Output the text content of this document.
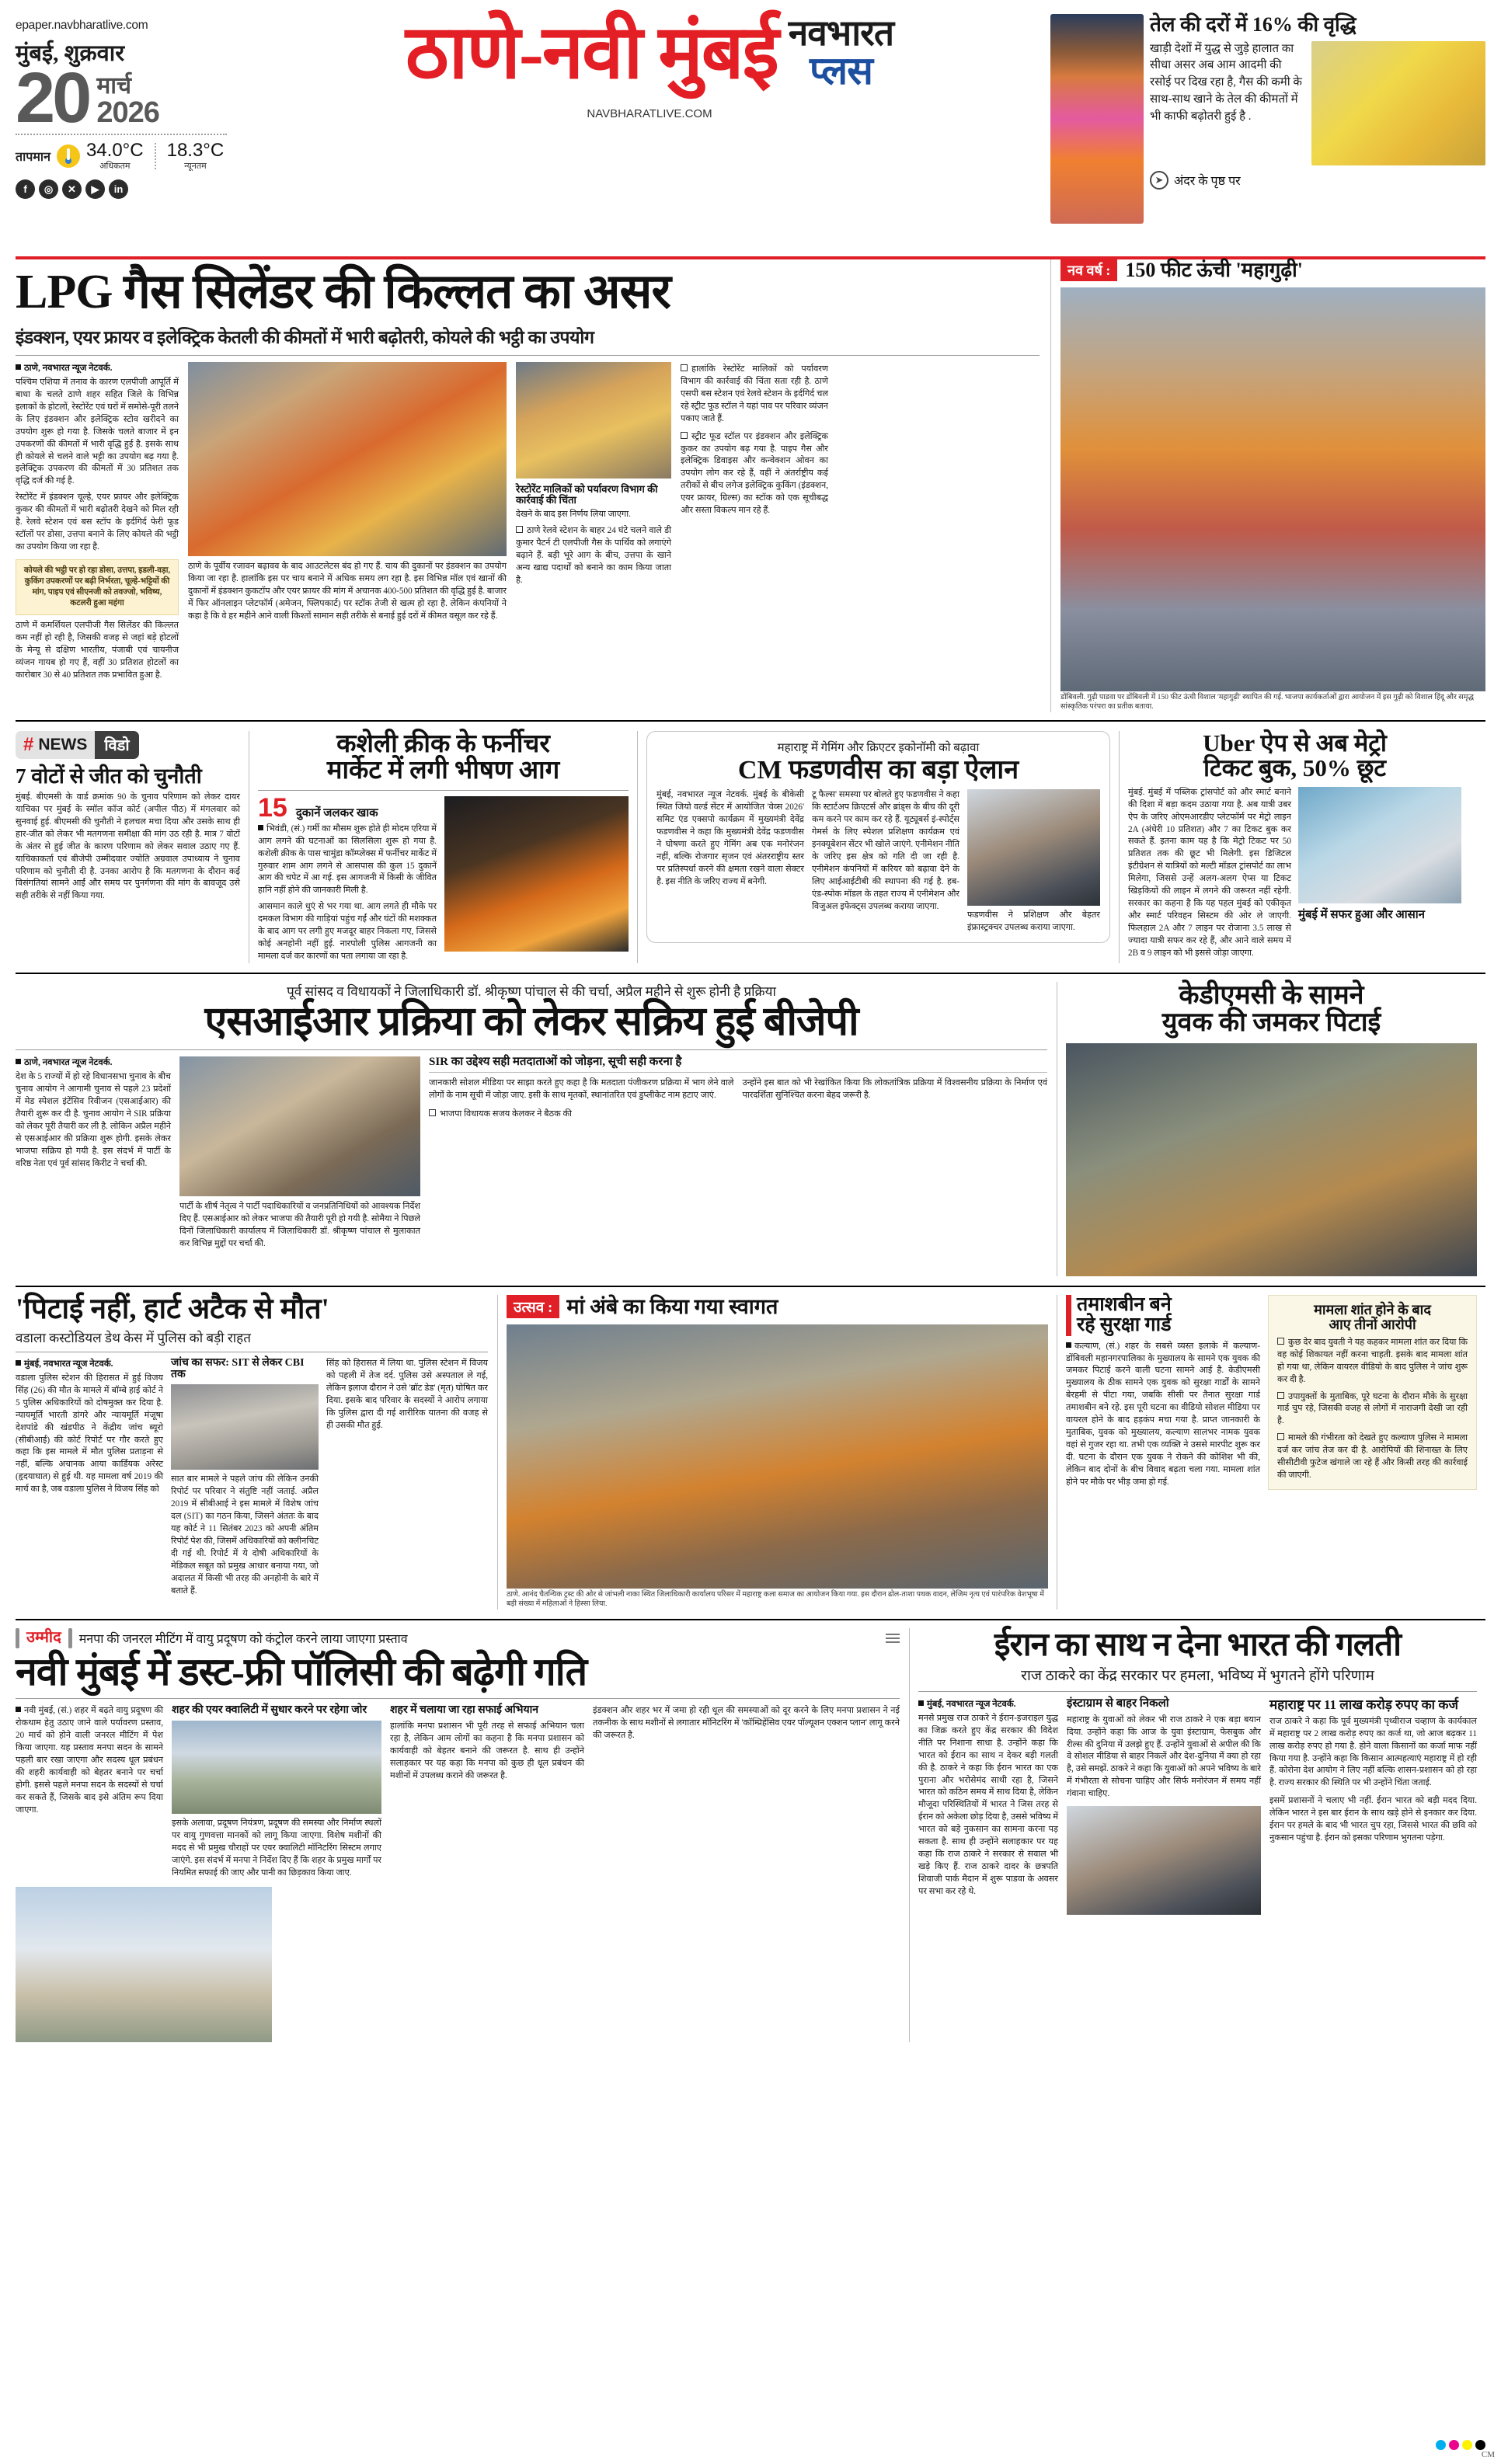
epaper.navbharatlive.com
मुंबई, शुक्रवार
20 मार्च
2026
तापमान 34.0°C
अधिकतम
18.3°C
न्यूनतम
f	◎	✕	▶	in
ठाणे-नवी मुंबई नवभारत
प्लस
NAVBHARATLIVE.COM
तेल की दरों में 16% की वृद्धि
खाड़ी देशों में युद्ध से जुड़े हालात का सीधा असर अब आम आदमी की रसोई पर दिख रहा है, गैस की कमी के साथ-साथ खाने के तेल की कीमतों में भी काफी बढ़ोतरी हुई है .
➤ अंदर के पृष्ठ पर
LPG गैस सिलेंडर की किल्लत का असर
इंडक्शन, एयर फ्रायर व इलेक्ट्रिक केतली की कीमतों में भारी बढ़ोतरी, कोयले की भट्ठी का उपयोग
ठाणे, नवभारत न्यूज नेटवर्क.
पश्चिम एशिया में तनाव के कारण एलपीजी आपूर्ति में बाधा के चलते ठाणे शहर सहित जिले के विभिन्न इलाकों के होटलों, रेस्टोरेंट एवं घरों में समोसे-पूरी तलने के लिए इंडक्शन और इलेक्ट्रिक स्टोव खरीदने का उपयोग शुरू हो गया है. जिसके चलते बाजार में इन उपकरणों की कीमतों में भारी वृद्धि हुई है. इसके साथ ही कोयले से चलने वाले भट्टी का उपयोग बढ़ गया है. इलेक्ट्रिक उपकरण की कीमतों में 30 प्रतिशत तक वृद्धि दर्ज की गई है.
रेस्टोरेंट में इंडक्शन चूल्हे, एयर फ्रायर और इलेक्ट्रिक कुकर की कीमतों में भारी बढ़ोतरी देखने को मिल रही है. रेलवे स्टेशन एवं बस स्टॉप के इर्दगिर्द फेरी फूड स्टॉलों पर डोसा, उत्तपा बनाने के लिए कोयले की भट्ठी का उपयोग किया जा रहा है.
कोयले की भट्ठी पर हो रहा डोसा, उत्तपा, इडली-वड़ा, कुकिंग उपकरणों पर बढ़ी निर्भरता, चूल्हे-भट्टियों की मांग, पाइप एवं सीएनजी को तवज्जो, भविष्य, कटलरी हुआ महंगा
ठाणे में कमर्शियल एलपीजी गैस सिलेंडर की किल्लत कम नहीं हो रही है, जिसकी वजह से जहां बड़े होटलों के मेन्यू से दक्षिण भारतीय, पंजाबी एवं चायनीज व्यंजन गायब हो गए हैं, वहीं 30 प्रतिशत होटलों का कारोबार 30 से 40 प्रतिशत तक प्रभावित हुआ है.
ठाणे के पूर्वीय रजावन बढ़ावव के बाद आउटलेटस बंद हो गए हैं. चाय की दुकानों पर इंडक्शन का उपयोग किया जा रहा है. हालांकि इस पर चाय बनाने में अधिक समय लग रहा है. इस विभिन्न मॉल एवं खानों की दुकानों में इंडक्शन कुकटॉप और एयर फ्रायर की मांग में अचानक 400-500 प्रतिशत की वृद्धि हुई है. बाजार में फिर ऑनलाइन प्लेटफॉर्म (अमेजन, फ्लिपकार्ट) पर स्टॉक तेजी से खत्म हो रहा है. लेकिन कंपनियों ने कहा है कि वे हर महीने आने वाली किश्तों सामान सही तरीके से बनाई हुई दरों में कीमत वसूल कर रहे हैं.
रेस्टोरेंट मालिकों को पर्यावरण विभाग की कार्रवाई की चिंता
देखने के बाद इस निर्णय लिया जाएगा.
ठाणे रेलवे स्टेशन के बाहर 24 घंटे चलने वाले डी कुमार पैटर्न टी एलपीजी गैस के पार्थिव को लगाएंगे बढ़ाने हैं. बड़ी भूरे आग के बीच, उत्तपा के खाने अन्य खाद्य पदार्थों को बनाने का काम किया जाता है.
हालांकि रेस्टोरेंट मालिकों को पर्यावरण विभाग की कार्रवाई की चिंता सता रही है. ठाणे एसपी बस स्टेशन एवं रेलवे स्टेशन के इर्दगिर्द चल रहे स्ट्रीट फूड स्टॉल ने यहां पाव पर परिवार व्यंजन पकाए जाते हैं.
स्ट्रीट फूड स्टॉल पर इंडक्शन और इलेक्ट्रिक कुकर का उपयोग बढ़ गया है. पाइप गैस और इलेक्ट्रिक डिवाइस और कन्वेक्शन ओवन का उपयोग लोग कर रहे हैं, वहीं ने अंतर्राष्ट्रीय कई तरीकों से बीच लगेज इलेक्ट्रिक कुकिंग (इंडक्शन, एयर फ्रायर, ग्रिल्स) का स्टॉक को एक सूचीबद्ध और सस्ता विकल्प मान रहे हैं.
नव वर्ष : 150 फीट ऊंची 'महागुढ़ी'
डोंबिवली. गुढ़ी पाडवा पर डोंबिवली में 150 फीट ऊंची विशाल 'महागुढ़ी' स्थापित की गई. भाजपा कार्यकर्ताओं द्वारा आयोजन में इस गुढ़ी को विशाल हिंदू और समृद्ध सांस्कृतिक परंपरा का प्रतीक बताया.
# NEWS	विडो
7 वोटों से जीत को चुनौती
मुंबई. बीएमसी के वार्ड क्रमांक 90 के चुनाव परिणाम को लेकर दायर याचिका पर मुंबई के स्मॉल कॉज कोर्ट (अपील पीठ) में मंगलवार को सुनवाई हुई. बीएमसी की चुनौती ने हलचल मचा दिया और उसके साथ ही हार-जीत को लेकर भी मतगणना समीक्षा की मांग उठ रही है. मात्र 7 वोटों के अंतर से हुई जीत के कारण परिणाम को लेकर सवाल उठाए गए हैं. याचिकाकर्ता एवं बीजेपी उम्मीदवार ज्योति अग्रवाल उपाध्याय ने चुनाव परिणाम को चुनौती दी है. उनका आरोप है कि मतगणना के दौरान कई विसंगतियां सामने आईं और समय पर पुनर्गणना की मांग के बावजूद उसे सही तरीके से नहीं किया गया.
कशेली क्रीक के फर्नीचर
मार्केट में लगी भीषण आग
15 दुकानें जलकर खाक
भिवंडी, (सं.) गर्मी का मौसम शुरू होते ही मोदम एरिया में आग लगने की घटनाओं का सिलसिला शुरू हो गया है. कशेली क्रीक के पास चामुंडा कॉम्प्लेक्स में फर्नीचर मार्केट में गुरुवार शाम आग लगने से आसपास की कुल 15 दुकानें आग की चपेट में आ गई. इस आगजनी में किसी के जीवित हानि नहीं होने की जानकारी मिली है.
आसमान काले धुएं से भर गया था. आग लगते ही मौके पर दमकल विभाग की गाड़ियां पहुंच गईं और घंटों की मशक्कत के बाद आग पर लगी हुए मजदूर बाहर निकला गए, जिससे कोई अनहोनी नहीं हुई. नारपोली पुलिस आगजनी का मामला दर्ज कर कारणों का पता लगाया जा रहा है.
महाराष्ट्र में गेमिंग और क्रिएटर इकोनॉमी को बढ़ावा
CM फडणवीस का बड़ा ऐलान
मुंबई, नवभारत न्यूज नेटवर्क. मुंबई के बीकेसी स्थित जियो वर्ल्ड सेंटर में आयोजित 'वेव्स 2026' समिट एंड एक्सपो कार्यक्रम में मुख्यमंत्री देवेंद्र फडणवीस ने कहा कि मुख्यमंत्री देवेंद्र फडणवीस ने घोषणा करते हुए गेमिंग अब एक मनोरंजन नहीं, बल्कि रोजगार सृजन एवं अंतरराष्ट्रीय स्तर पर प्रतिस्पर्धा करने की क्षमता रखने वाला सेक्टर है. इस नीति के जरिए राज्य में बनेगी.
टू फैल्स' समस्या पर बोलते हुए फडणवीस ने कहा कि स्टार्टअप क्रिएटर्स और ब्रांड्स के बीच की दूरी कम करने पर काम कर रहे हैं. यूट्यूबर्स इं-स्पोर्ट्स गेमर्स के लिए स्पेशल प्रशिक्षण कार्यक्रम एवं इनक्यूबेशन सेंटर भी खोले जाएंगे. एनीमेशन नीति के जरिए इस क्षेत्र को गति दी जा रही है. एनीमेशन कंपनियों में करियर को बढ़ावा देने के लिए आईआईटीबी की स्थापना की गई है. हब-एंड-स्पोक मॉडल के तहत राज्य में एनीमेशन और विजुअल इफेक्ट्स उपलब्ध कराया जाएगा.
फडणवीस ने प्रशिक्षण और बेहतर इंफ्रास्ट्रक्चर उपलब्ध कराया जाएगा.
Uber ऐप से अब मेट्रो
टिकट बुक, 50% छूट
मुंबई. मुंबई में पब्लिक ट्रांसपोर्ट को और स्मार्ट बनाने की दिशा में बड़ा कदम उठाया गया है. अब यात्री उबर ऐप के जरिए ओएमआरडीए प्लेटफॉर्म पर मेट्रो लाइन 2A (अंधेरी 10 प्रतिशत) और 7 का टिकट बुक कर सकते हैं. इतना काम यह है कि मेट्रो टिकट पर 50 प्रतिशत तक की छूट भी मिलेगी. इस डिजिटल इंटीग्रेशन से यात्रियों को मल्टी मॉडल ट्रांसपोर्ट का लाभ मिलेगा, जिससे उन्हें अलग-अलग ऐप्स या टिकट खिड़कियों की लाइन में लगने की जरूरत नहीं रहेगी. सरकार का कहना है कि यह पहल मुंबई को एकीकृत और स्मार्ट परिवहन सिस्टम की ओर ले जाएगी. फिलहाल 2A और 7 लाइन पर रोजाना 3.5 लाख से ज्यादा यात्री सफर कर रहे हैं, और आने वाले समय में 2B व 9 लाइन को भी इससे जोड़ा जाएगा.
मुंबई में सफर हुआ और आसान
पूर्व सांसद व विधायकों ने जिलाधिकारी डॉ. श्रीकृष्ण पांचाल से की चर्चा, अप्रैल महीने से शुरू होनी है प्रक्रिया
एसआईआर प्रक्रिया को लेकर सक्रिय हुई बीजेपी
ठाणे, नवभारत न्यूज नेटवर्क.
देश के 5 राज्यों में हो रहे विधानसभा चुनाव के बीच चुनाव आयोग ने आगामी चुनाव से पहले 23 प्रदेशों में मेड स्पेशल इंटेंसिव रिवीजन (एसआईआर) की तैयारी शुरू कर दी है. चुनाव आयोग ने SIR प्रक्रिया को लेकर पूरी तैयारी कर ली है. लोकिन अप्रैल महीने से एसआईआर की प्रक्रिया शुरू होगी. इसके लेकर भाजपा सक्रिय हो गयी है. इस संदर्भ में पार्टी के वरिष्ठ नेता एवं पूर्व सांसद किरीट ने चर्चा की.
पार्टी के शीर्ष नेतृत्व ने पार्टी पदाधिकारियों व जनप्रतिनिधियों को आवश्यक निर्देश दिए हैं. एसआईआर को लेकर भाजपा की तैयारी पूरी हो गयी है. सोमैया ने पिछले दिनों जिलाधिकारी कार्यालय में जिलाधिकारी डॉ. श्रीकृष्ण पांचाल से मुलाकात कर विभिन्न मुद्दों पर चर्चा की.
SIR का उद्देश्य सही मतदाताओं को जोड़ना, सूची सही करना है
जानकारी सोशल मीडिया पर साझा करते हुए कहा है कि मतदाता पंजीकरण प्रक्रिया में भाग लेने वाले लोगों के नाम सूची में जोड़ा जाए. इसी के साथ मृतकों, स्थानांतरित एवं डुप्लीकेट नाम हटाए जाएं.
उन्होंने इस बात को भी रेखांकित किया कि लोकतांत्रिक प्रक्रिया में विश्वसनीय प्रक्रिया के निर्माण एवं पारदर्शिता सुनिश्चित करना बेहद जरूरी है.
भाजपा विधायक सजय केलकर ने बैठक की
केडीएमसी के सामने
युवक की जमकर पिटाई
'पिटाई नहीं, हार्ट अटैक से मौत'
वडाला कस्टोडियल डेथ केस में पुलिस को बड़ी राहत
मुंबई, नवभारत न्यूज नेटवर्क.
वडाला पुलिस स्टेशन की हिरासत में हुई विजय सिंह (26) की मौत के मामले में बॉम्बे हाई कोर्ट ने 5 पुलिस अधिकारियों को दोषमुक्त कर दिया है. न्यायमूर्ति भारती डांगरे और न्यायमूर्ति मंजूषा देशपांडे की खंडपीठ ने केंद्रीय जांच ब्यूरो (सीबीआई) की कोर्ट रिपोर्ट पर गौर करते हुए कहा कि इस मामले में मौत पुलिस प्रताड़ना से नहीं, बल्कि अचानक आया कार्डियक अरेस्ट (हृदयाघात) से हुई थी. यह मामला वर्ष 2019 की मार्च का है, जब वडाला पुलिस ने विजय सिंह को
जांच का सफर: SIT से लेकर CBI तक
सात बार मामले ने पहले जांच की लेकिन उनकी रिपोर्ट पर परिवार ने संतुष्टि नहीं जताई. अप्रैल 2019 में सीबीआई ने इस मामले में विशेष जांच दल (SIT) का गठन किया, जिसने अंततः के बाद यह कोर्ट ने 11 सितंबर 2023 को अपनी अंतिम रिपोर्ट पेश की, जिसमें अधिकारियों को क्लीनचिट दी गई थी. रिपोर्ट में ये दोषी अधिकारियों के मेडिकल सबूत को प्रमुख आधार बनाया गया, जो अदालत में किसी भी तरह की अनहोनी के बारे में बताते हैं.
सिंह को हिरासत में लिया था. पुलिस स्टेशन में विजय को पहली में तेज दर्द. पुलिस उसे अस्पताल ले गई, लेकिन इलाज दौरान ने उसे 'ब्रॉट डेड' (मृत) घोषित कर दिया. इसके बाद परिवार के सदस्यों ने आरोप लगाया कि पुलिस द्वारा दी गई शारीरिक यातना की वजह से ही उसकी मौत हुई.
उत्सव : मां अंबे का किया गया स्वागत
ठाणे. आनंद चैतन्यिक ट्रस्ट की ओर से जांभली नाका स्थित जिलाधिकारी कार्यालय परिसर में महाराष्ट्र कला समाज का आयोजन किया गया. इस दौरान ढोल-ताशा पथक वादन, लेजिम नृत्य एवं पारंपरिक वेशभूषा में बड़ी संख्या में महिलाओं ने हिस्सा लिया.
तमाशबीन बने
रहे सुरक्षा गार्ड
कल्याण, (सं.) शहर के सबसे व्यस्त इलाके में कल्याण-डोंबिवली महानगरपालिका के मुख्यालय के सामने एक युवक की जमकर पिटाई करने वाली घटना सामने आई है. केडीएमसी मुख्यालय के ठीक सामने एक युवक को सुरक्षा गार्डों के सामने बेरहमी से पीटा गया, जबकि सीसी पर तैनात सुरक्षा गार्ड तमाशबीन बने रहे. इस पूरी घटना का वीडियो सोशल मीडिया पर वायरल होने के बाद हड़कंप मचा गया है. प्राप्त जानकारी के मुताबिक, युवक को मुख्यालय, कल्याण सालभर नामक युवक वहां से गुजर रहा था. तभी एक व्यक्ति ने उससे मारपीट शुरू कर दी. घटना के दौरान एक युवक ने रोकने की कोशिश भी की, लेकिन बाद दोनों के बीच विवाद बढ़ता चला गया. मामला शांत होने पर मौके पर भीड़ जमा हो गई.
मामला शांत होने के बाद
आए तीनों आरोपी
कुछ देर बाद युवती ने यह कहकर मामला शांत कर दिया कि वह कोई शिकायत नहीं करना चाहती. इसके बाद मामला शांत हो गया था, लेकिन वायरल वीडियो के बाद पुलिस ने जांच शुरू कर दी है.
उपायुक्तों के मुताबिक, पूरे घटना के दौरान मौके के सुरक्षा गार्ड चुप रहे, जिसकी वजह से लोगों में नाराजगी देखी जा रही है.
मामले की गंभीरता को देखते हुए कल्याण पुलिस ने मामला दर्ज कर जांच तेज कर दी है. आरोपियों की शिनाख्त के लिए सीसीटीवी फुटेज खंगाले जा रहे हैं और किसी तरह की कार्रवाई की जाएगी.
उम्मीद मनपा की जनरल मीटिंग में वायु प्रदूषण को कंट्रोल करने लाया जाएगा प्रस्ताव
नवी मुंबई में डस्ट-फ्री पॉलिसी की बढ़ेगी गति
नवी मुंबई, (सं.) शहर में बढ़ते वायु प्रदूषण की रोकथाम हेतु उठाए जाने वाले पर्यावरण प्रस्ताव, 20 मार्च को होने वाली जनरल मीटिंग में पेश किया जाएगा. यह प्रस्ताव मनपा सदन के सामने पहली बार रखा जाएगा और सदस्य धूल प्रबंधन की शहरी कार्यवाही को बेहतर बनाने पर चर्चा होगी. इससे पहले मनपा सदन के सदस्यों से चर्चा कर सकते हैं, जिसके बाद इसे अंतिम रूप दिया जाएगा.
शहर की एयर क्वालिटी में सुधार करने पर रहेगा जोर
इसके अलावा, प्रदूषण नियंत्रण, प्रदूषण की समस्या और निर्माण स्थलों पर वायु गुणवत्ता मानकों को लागू किया जाएगा. विशेष मशीनों की मदद से भी प्रमुख चौराहों पर एयर क्वालिटी मॉनिटरिंग सिस्टम लगाए जाएंगे. इस संदर्भ में मनपा ने निर्देश दिए हैं कि शहर के प्रमुख मार्गों पर नियमित सफाई की जाए और पानी का छिड़काव किया जाए.
शहर में चलाया जा रहा सफाई अभियान
हालांकि मनपा प्रशासन भी पूरी तरह से सफाई अभियान चला रहा है, लेकिन आम लोगों का कहना है कि मनपा प्रशासन को कार्यवाही को बेहतर बनाने की जरूरत है. साथ ही उन्होंने सलाहकार पर यह कहा कि मनपा को कुछ ही धूल प्रबंधन की मशीनों में उपलब्ध कराने की जरूरत है.
इंडक्शन और शहर भर में जमा हो रही धूल की समस्याओं को दूर करने के लिए मनपा प्रशासन ने नई तकनीक के साथ मशीनों से लगातार मॉनिटरिंग में 'कॉम्प्रिहेंसिव एयर पॉल्यूशन एक्शन प्लान' लागू करने की जरूरत है.
ईरान का साथ न देना भारत की गलती
राज ठाकरे का केंद्र सरकार पर हमला, भविष्य में भुगतने होंगे परिणाम
मुंबई, नवभारत न्यूज नेटवर्क.
मनसे प्रमुख राज ठाकरे ने ईरान-इजराइल युद्ध का जिक्र करते हुए केंद्र सरकार की विदेश नीति पर निशाना साधा है. उन्होंने कहा कि भारत को ईरान का साथ न देकर बड़ी गलती की है. ठाकरे ने कहा कि ईरान भारत का एक पुराना और भरोसेमंद साथी रहा है, जिसने भारत को कठिन समय में साथ दिया है, लेकिन मौजूदा परिस्थितियों में भारत ने जिस तरह से ईरान को अकेला छोड़ दिया है, उससे भविष्य में भारत को बड़े नुकसान का सामना करना पड़ सकता है. साथ ही उन्होंने सलाहकार पर यह कहा कि राज ठाकरे ने सरकार से सवाल भी खड़े किए हैं. राज ठाकरे दादर के छत्रपति शिवाजी पार्क मैदान में शुरू पाडवा के अवसर पर सभा कर रहे थे.
इंस्टाग्राम से बाहर निकलो
महाराष्ट्र के युवाओं को लेकर भी राज ठाकरे ने एक बड़ा बयान दिया. उन्होंने कहा कि आज के युवा इंस्टाग्राम, फेसबुक और रील्स की दुनिया में उलझे हुए हैं. उन्होंने युवाओं से अपील की कि वे सोशल मीडिया से बाहर निकलें और देश-दुनिया में क्या हो रहा है, उसे समझें. ठाकरे ने कहा कि युवाओं को अपने भविष्य के बारे में गंभीरता से सोचना चाहिए और सिर्फ मनोरंजन में समय नहीं गंवाना चाहिए.
महाराष्ट्र पर 11 लाख करोड़ रुपए का कर्ज
राज ठाकरे ने कहा कि पूर्व मुख्यमंत्री पृथ्वीराज चव्हाण के कार्यकाल में महाराष्ट्र पर 2 लाख करोड़ रुपए का कर्ज था, जो आज बढ़कर 11 लाख करोड़ रुपए हो गया है. होने वाला किसानों का कर्जा माफ नहीं किया गया है. उन्होंने कहा कि किसान आत्महत्याएं महाराष्ट्र में हो रही हैं. कोरोना देश आयोग ने लिए नहीं बल्कि शासन-प्रशासन को हो रहा है. राज्य सरकार की स्थिति पर भी उन्होंने चिंता जताई.
इसमें प्रशासनों ने चलाए भी नहीं. ईरान भारत को बड़ी मदद दिया. लेकिन भारत ने इस बार ईरान के साथ खड़े होने से इनकार कर दिया. ईरान पर हमले के बाद भी भारत चुप रहा, जिससे भारत की छवि को नुकसान पहुंचा है. ईरान को इसका परिणाम भुगतना पड़ेगा.
CM
